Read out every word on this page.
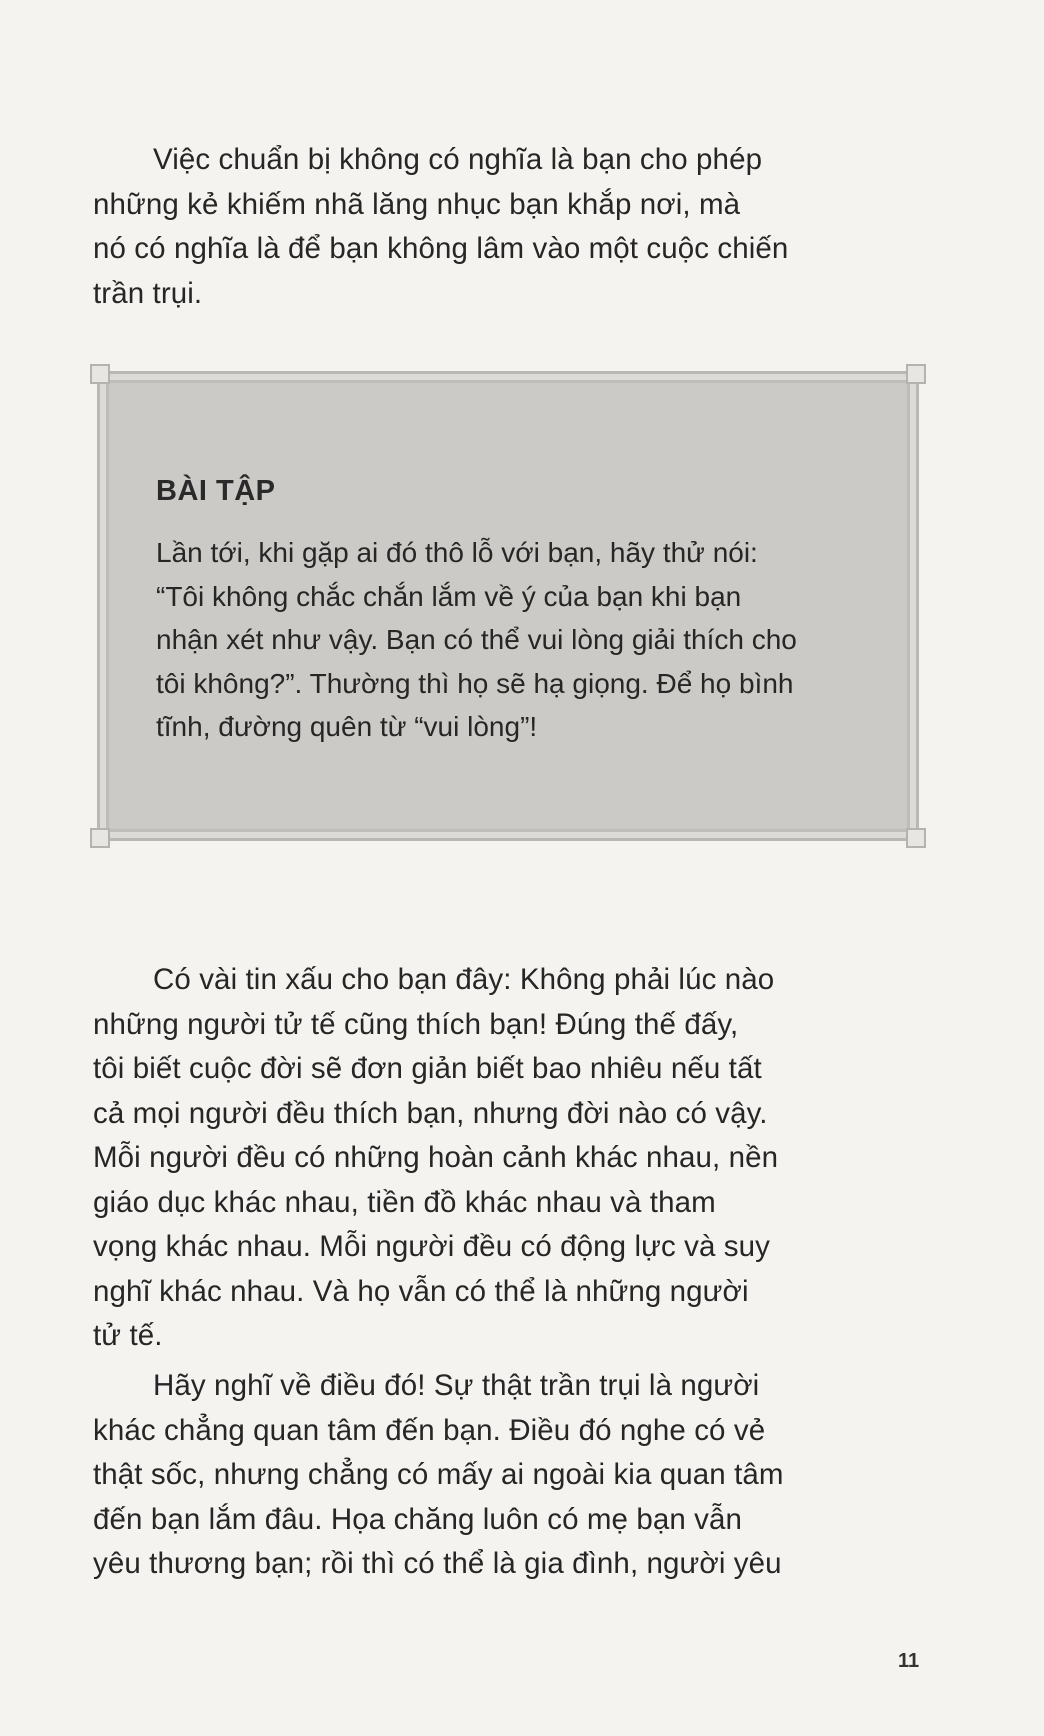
Việc chuẩn bị không có nghĩa là bạn cho phép
những kẻ khiếm nhã lăng nhục bạn khắp nơi, mà
nó có nghĩa là để bạn không lâm vào một cuộc chiến
trần trụi.
BÀI TẬP
Lần tới, khi gặp ai đó thô lỗ với bạn, hãy thử nói:
“Tôi không chắc chắn lắm về ý của bạn khi bạn
nhận xét như vậy. Bạn có thể vui lòng giải thích cho
tôi không?”. Thường thì họ sẽ hạ giọng. Để họ bình
tĩnh, đường quên từ “vui lòng”!
Có vài tin xấu cho bạn đây: Không phải lúc nào
những người tử tế cũng thích bạn! Đúng thế đấy,
tôi biết cuộc đời sẽ đơn giản biết bao nhiêu nếu tất
cả mọi người đều thích bạn, nhưng đời nào có vậy.
Mỗi người đều có những hoàn cảnh khác nhau, nền
giáo dục khác nhau, tiền đồ khác nhau và tham
vọng khác nhau. Mỗi người đều có động lực và suy
nghĩ khác nhau. Và họ vẫn có thể là những người
tử tế.
Hãy nghĩ về điều đó! Sự thật trần trụi là người
khác chẳng quan tâm đến bạn. Điều đó nghe có vẻ
thật sốc, nhưng chẳng có mấy ai ngoài kia quan tâm
đến bạn lắm đâu. Họa chăng luôn có mẹ bạn vẫn
yêu thương bạn; rồi thì có thể là gia đình, người yêu
11
